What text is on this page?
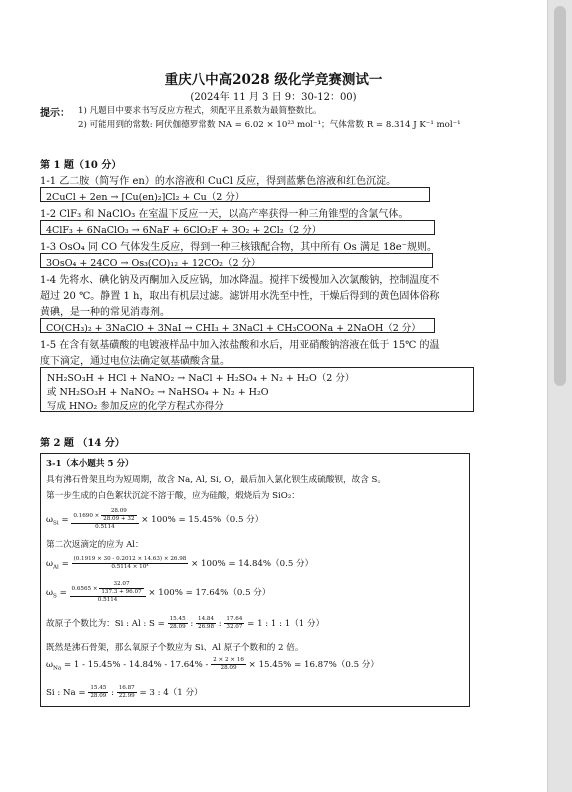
重庆八中高2028 级化学竞赛测试一
(2024年 11 月 3 日 9：30-12：00)
提示： 1) 凡题目中要求书写反应方程式，须配平且系数为最简整数比。
2) 可能用到的常数: 阿伏伽德罗常数 NA = 6.02 × 10²³ mol⁻¹；气体常数 R = 8.314 J K⁻¹ mol⁻¹
第 1 题（10 分）
1-1 乙二胺（简写作 en）的水溶液和 CuCl 反应，得到蓝紫色溶液和红色沉淀。
2CuCl + 2en → [Cu(en)₂]Cl₂ + Cu（2 分）
1-2 ClF₃ 和 NaClO₃ 在室温下反应一天，以高产率获得一种三角锥型的含氯气体。
4ClF₃ + 6NaClO₃ → 6NaF + 6ClO₂F + 3O₂ + 2Cl₂（2 分）
1-3 OsO₄ 同 CO 气体发生反应，得到一种三核锇配合物，其中所有 Os 满足 18e⁻规则。
3OsO₄ + 24CO → Os₃(CO)₁₂ + 12CO₂（2 分）
1-4 先将水、碘化钠及丙酮加入反应锅，加冰降温。搅拌下缓慢加入次氯酸钠，控制温度不
超过 20 ℃。静置 1 h，取出有机层过滤。滤饼用水洗至中性，干燥后得到的黄色固体俗称
黄碘，是一种的常见消毒剂。
CO(CH₃)₂ + 3NaClO + 3NaI → CHI₃ + 3NaCl + CH₃COONa + 2NaOH（2 分）
1-5 在含有氨基磺酸的电镀液样品中加入浓盐酸和水后，用亚硝酸钠溶液在低于 15℃ 的温
度下滴定，通过电位法确定氨基磺酸含量。
NH₂SO₃H + HCl + NaNO₂ → NaCl + H₂SO₄ + N₂ + H₂O（2 分）
或 NH₂SO₃H + NaNO₂ → NaHSO₄ + N₂ + H₂O
写成 HNO₂ 参加反应的化学方程式亦得分
第 2 题 （14 分）
3-1（本小题共 5 分）
具有沸石骨架且均为短周期，故含 Na, Al, Si, O，最后加入氯化钡生成硫酸钡，故含 S。
第一步生成的白色絮状沉淀不溶于酸，应为硅酸，煅烧后为 SiO₂：
$\omega_{Si} = \frac{0.1690 \times \frac{28.09}{28.09 + 32}}{0.5114} \times 100\% = 15.45\%(0.5$ 分）
第二次返滴定的应为 Al：
$\omega_{Al} = \frac{(0.1919 \times 30 - 0.2012 \times 14.63) \times 26.98}{\text{0.5114 × 10³}} \times 100\% = 14.84\%(0.5$ 分）
$\omega_S = \frac{0.6565 \times \frac{32.07}{137.3 + 96.07}}{0.5114} \times 100\% = 17.64\%(0.5$ 分）
故原子个数比为：Si : Al : $S = \frac{15.45}{28.09}$ : $\frac{14.84}{26.98}$ : $\frac{17.64}{32.07} = 1$ : 1 : 1（1 分）
既然是沸石骨架，那么氧原子个数应为 Si、Al 原子个数和的 2 倍。
$\omega_{Na} = 1 - 15.45\% - 14.84\% - 17.64\% - \frac{2 \times 2 \times 16}{28.09} \times 15.45\% = 16.87\%(0.5$ 分）
Si : $Na = \frac{15.45}{28.09}$ : $\frac{16.87}{22.99} = 3$ : 4（1 分）
